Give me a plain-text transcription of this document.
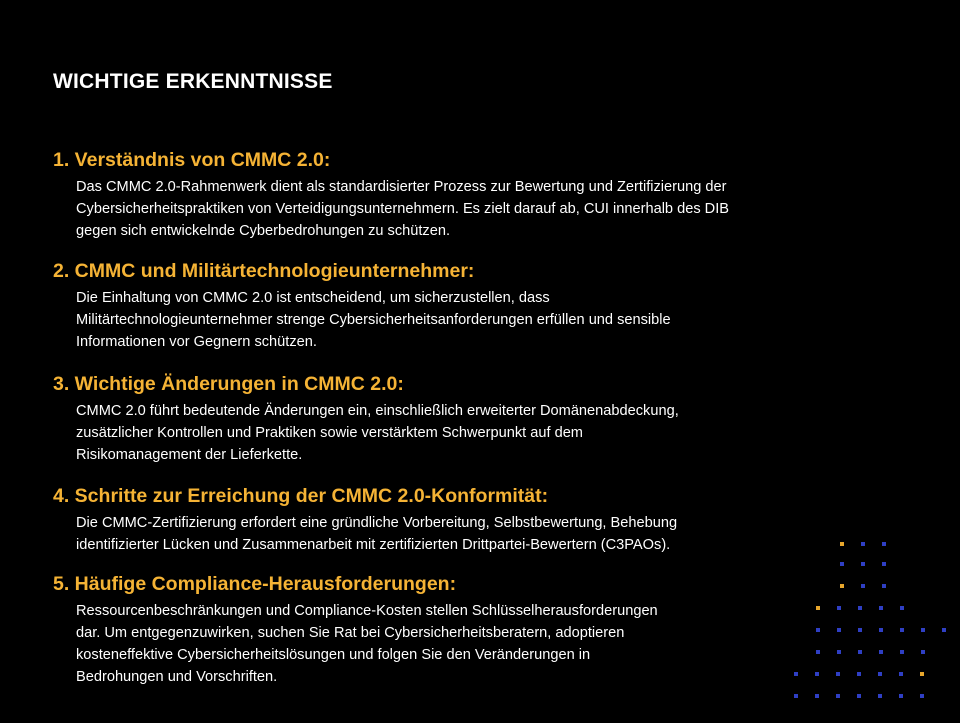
WICHTIGE ERKENNTNISSE
1. Verständnis von CMMC 2.0:
Das CMMC 2.0-Rahmenwerk dient als standardisierter Prozess zur Bewertung und Zertifizierung der
Cybersicherheitspraktiken von Verteidigungsunternehmern. Es zielt darauf ab, CUI innerhalb des DIB
gegen sich entwickelnde Cyberbedrohungen zu schützen.
2. CMMC und Militärtechnologieunternehmer:
Die Einhaltung von CMMC 2.0 ist entscheidend, um sicherzustellen, dass
Militärtechnologieunternehmer strenge Cybersicherheitsanforderungen erfüllen und sensible
Informationen vor Gegnern schützen.
3. Wichtige Änderungen in CMMC 2.0:
CMMC 2.0 führt bedeutende Änderungen ein, einschließlich erweiterter Domänenabdeckung,
zusätzlicher Kontrollen und Praktiken sowie verstärktem Schwerpunkt auf dem
Risikomanagement der Lieferkette.
4. Schritte zur Erreichung der CMMC 2.0-Konformität:
Die CMMC-Zertifizierung erfordert eine gründliche Vorbereitung, Selbstbewertung, Behebung
identifizierter Lücken und Zusammenarbeit mit zertifizierten Drittpartei-Bewertern (C3PAOs).
5. Häufige Compliance-Herausforderungen:
Ressourcenbeschränkungen und Compliance-Kosten stellen Schlüsselherausforderungen
dar. Um entgegenzuwirken, suchen Sie Rat bei Cybersicherheitsberatern, adoptieren
kosteneffektive Cybersicherheitslösungen und folgen Sie den Veränderungen in
Bedrohungen und Vorschriften.
